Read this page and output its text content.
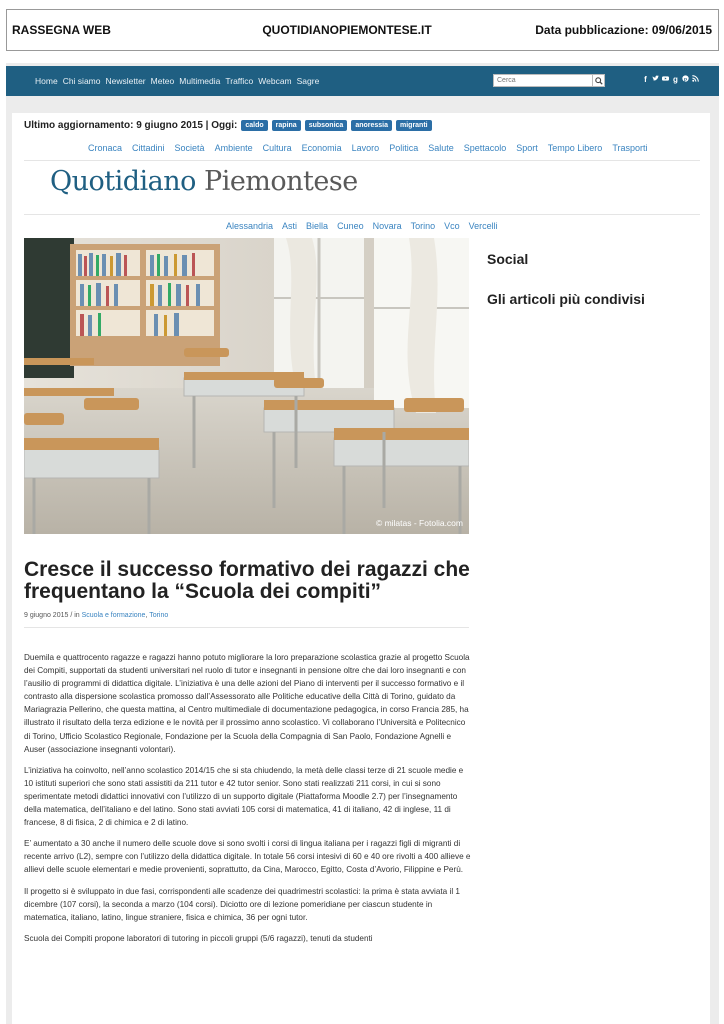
RASSEGNA WEB	QUOTIDIANOPIEMONTESE.IT	Data pubblicazione: 09/06/2015
Home Chi siamo Newsletter Meteo Multimedia Traffico Webcam Sagre
Cerca	f	g p
Ultimo aggiornamento: 9 giugno 2015 | Oggi:	caldo	rapina	subsonica	anoressia	migranti
Cronaca Cittadini Società Ambiente Cultura Economia Lavoro Politica Salute Spettacolo Sport Tempo Libero Trasporti
Quotidiano Piemontese
Alessandria Asti Biella Cuneo Novara Torino Vco Vercelli
© milatas - Fotolia.com
Social
Gli articoli più condivisi
Cresce il successo formativo dei ragazzi che frequentano la “Scuola dei compiti”
9 giugno 2015 / in Scuola e formazione, Torino

Duemila e quattrocento ragazze e ragazzi hanno potuto migliorare la loro preparazione scolastica grazie al progetto Scuola dei Compiti, supportati da studenti universitari nel ruolo di tutor e insegnanti in pensione oltre che dai loro insegnanti e con l’ausilio di programmi di didattica digitale. L’iniziativa è una delle azioni del Piano di interventi per il successo formativo e il contrasto alla dispersione scolastica promosso dall’Assessorato alle Politiche educative della Città di Torino, guidato da Mariagrazia Pellerino, che questa mattina, al Centro multimediale di documentazione pedagogica, in corso Francia 285, ha illustrato il risultato della terza edizione e le novità per il prossimo anno scolastico. Vi collaborano l’Università e Politecnico di Torino, Ufficio Scolastico Regionale, Fondazione per la Scuola della Compagnia di San Paolo, Fondazione Agnelli e Auser (associazione insegnanti volontari).

L’iniziativa ha coinvolto, nell’anno scolastico 2014/15 che si sta chiudendo, la metà delle classi terze di 21 scuole medie e 10 istituti superiori che sono stati assistiti da 211 tutor e 42 tutor senior. Sono stati realizzati 211 corsi, in cui si sono sperimentate metodi didattici innovativi con l’utilizzo di un supporto digitale (Piattaforma Moodle 2.7) per l’insegnamento della matematica, dell’italiano e del latino. Sono stati avviati 105 corsi di matematica, 41 di italiano, 42 di inglese, 11 di francese, 8 di fisica, 2 di chimica e 2 di latino.

E’ aumentato a 30 anche il numero delle scuole dove si sono svolti i corsi di lingua italiana per i ragazzi figli di migranti di recente arrivo (L2), sempre con l’utilizzo della didattica digitale. In totale 56 corsi intesivi di 60 e 40 ore rivolti a 400 allieve e allievi delle scuole elementari e medie provenienti, soprattutto, da Cina, Marocco, Egitto, Costa d’Avorio, Filippine e Perù.

Il progetto si è sviluppato in due fasi, corrispondenti alle scadenze dei quadrimestri scolastici: la prima è stata avviata il 1 dicembre (107 corsi), la seconda a marzo (104 corsi). Diciotto ore di lezione pomeridiane per ciascun studente in matematica, italiano, latino, lingue straniere, fisica e chimica, 36 per ogni tutor.

Scuola dei Compiti propone laboratori di tutoring in piccoli gruppi (5/6 ragazzi), tenuti da studenti
